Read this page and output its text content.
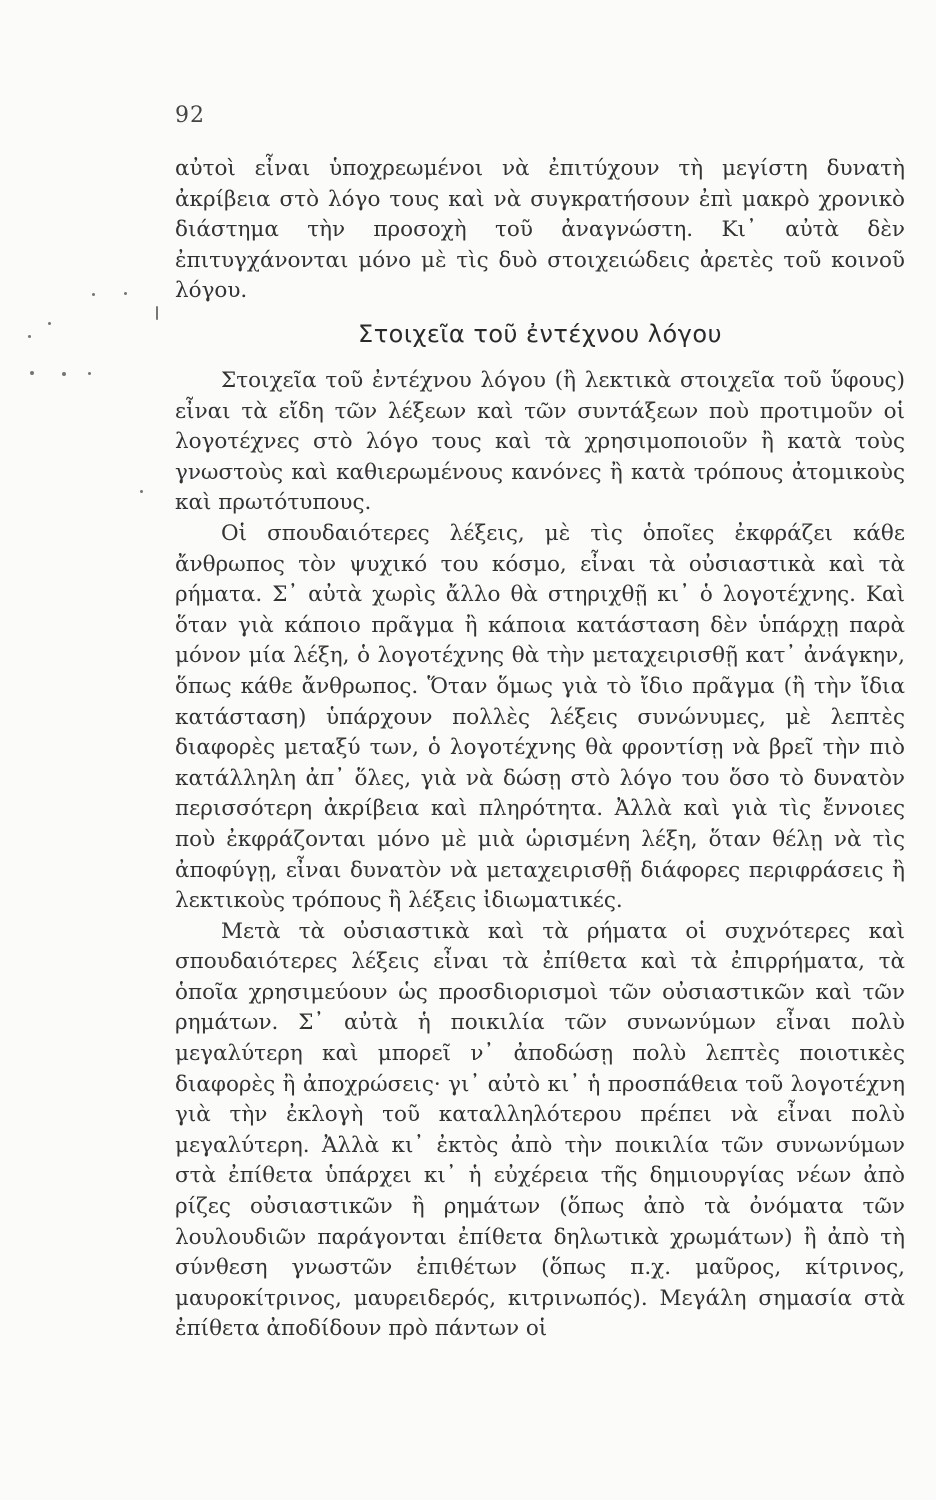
92

αὐτοὶ εἶναι ὑποχρεωμένοι νὰ ἐπιτύχουν τὴ μεγίστη δυνατὴ ἀκρίβεια στὸ λόγο τους καὶ νὰ συγκρατήσουν ἐπὶ μακρὸ χρονικὸ διάστημα τὴν προσοχὴ τοῦ ἀναγνώστη. Κι᾿ αὐτὰ δὲν ἐπιτυγχάνονται μόνο μὲ τὶς δυὸ στοιχειώδεις ἀρετὲς τοῦ κοινοῦ λόγου.

Στοιχεῖα τοῦ ἐντέχνου λόγου

Στοιχεῖα τοῦ ἐντέχνου λόγου (ἢ λεκτικὰ στοιχεῖα τοῦ ὕφους) εἶναι τὰ εἴδη τῶν λέξεων καὶ τῶν συντάξεων ποὺ προτιμοῦν οἱ λογοτέχνες στὸ λόγο τους καὶ τὰ χρησιμοποιοῦν ἢ κατὰ τοὺς γνωστοὺς καὶ καθιερωμένους κανόνες ἢ κατὰ τρόπους ἀτομικοὺς καὶ πρωτότυπους.

Οἱ σπουδαιότερες λέξεις, μὲ τὶς ὁποῖες ἐκφράζει κάθε ἄνθρωπος τὸν ψυχικό του κόσμο, εἶναι τὰ οὐσιαστικὰ καὶ τὰ ρήματα. Σ᾿ αὐτὰ χωρὶς ἄλλο θὰ στηριχθῇ κι᾿ ὁ λογοτέχνης. Καὶ ὅταν γιὰ κάποιο πρᾶγμα ἢ κάποια κατάσταση δὲν ὑπάρχῃ παρὰ μόνον μία λέξη, ὁ λογοτέχνης θὰ τὴν μεταχειρισθῇ κατ᾿ ἀνάγκην, ὅπως κάθε ἄνθρωπος. Ὅταν ὅμως γιὰ τὸ ἴδιο πρᾶγμα (ἢ τὴν ἴδια κατάσταση) ὑπάρχουν πολλὲς λέξεις συνώνυμες, μὲ λεπτὲς διαφορὲς μεταξύ των, ὁ λογοτέχνης θὰ φροντίσῃ νὰ βρεῖ τὴν πιὸ κατάλληλη ἀπ᾿ ὅλες, γιὰ νὰ δώσῃ στὸ λόγο του ὅσο τὸ δυνατὸν περισσότερη ἀκρίβεια καὶ πληρότητα. Ἀλλὰ καὶ γιὰ τὶς ἔννοιες ποὺ ἐκφράζονται μόνο μὲ μιὰ ὡρισμένη λέξη, ὅταν θέλῃ νὰ τὶς ἀποφύγῃ, εἶναι δυνατὸν νὰ μεταχειρισθῇ διάφορες περιφράσεις ἢ λεκτικοὺς τρόπους ἢ λέξεις ἰδιωματικές.

Μετὰ τὰ οὐσιαστικὰ καὶ τὰ ρήματα οἱ συχνότερες καὶ σπουδαιότερες λέξεις εἶναι τὰ ἐπίθετα καὶ τὰ ἐπιρρήματα, τὰ ὁποῖα χρησιμεύουν ὡς προσδιορισμοὶ τῶν οὐσιαστικῶν καὶ τῶν ρημάτων. Σ᾿ αὐτὰ ἡ ποικιλία τῶν συνωνύμων εἶναι πολὺ μεγαλύτερη καὶ μπορεῖ ν᾿ ἀποδώσῃ πολὺ λεπτὲς ποιοτικὲς διαφορὲς ἢ ἀποχρώσεις· γι᾿ αὐτὸ κι᾿ ἡ προσπάθεια τοῦ λογοτέχνη γιὰ τὴν ἐκλογὴ τοῦ καταλληλότερου πρέπει νὰ εἶναι πολὺ μεγαλύτερη. Ἀλλὰ κι᾿ ἐκτὸς ἀπὸ τὴν ποικιλία τῶν συνωνύμων στὰ ἐπίθετα ὑπάρχει κι᾿ ἡ εὐχέρεια τῆς δημιουργίας νέων ἀπὸ ρίζες οὐσιαστικῶν ἢ ρημάτων (ὅπως ἀπὸ τὰ ὀνόματα τῶν λουλουδιῶν παράγονται ἐπίθετα δηλωτικὰ χρωμάτων) ἢ ἀπὸ τὴ σύνθεση γνωστῶν ἐπιθέτων (ὅπως π.χ. μαῦρος, κίτρινος, μαυροκίτρινος, μαυρειδερός, κιτρινωπός). Μεγάλη σημασία στὰ ἐπίθετα ἀποδίδουν πρὸ πάντων οἱ
